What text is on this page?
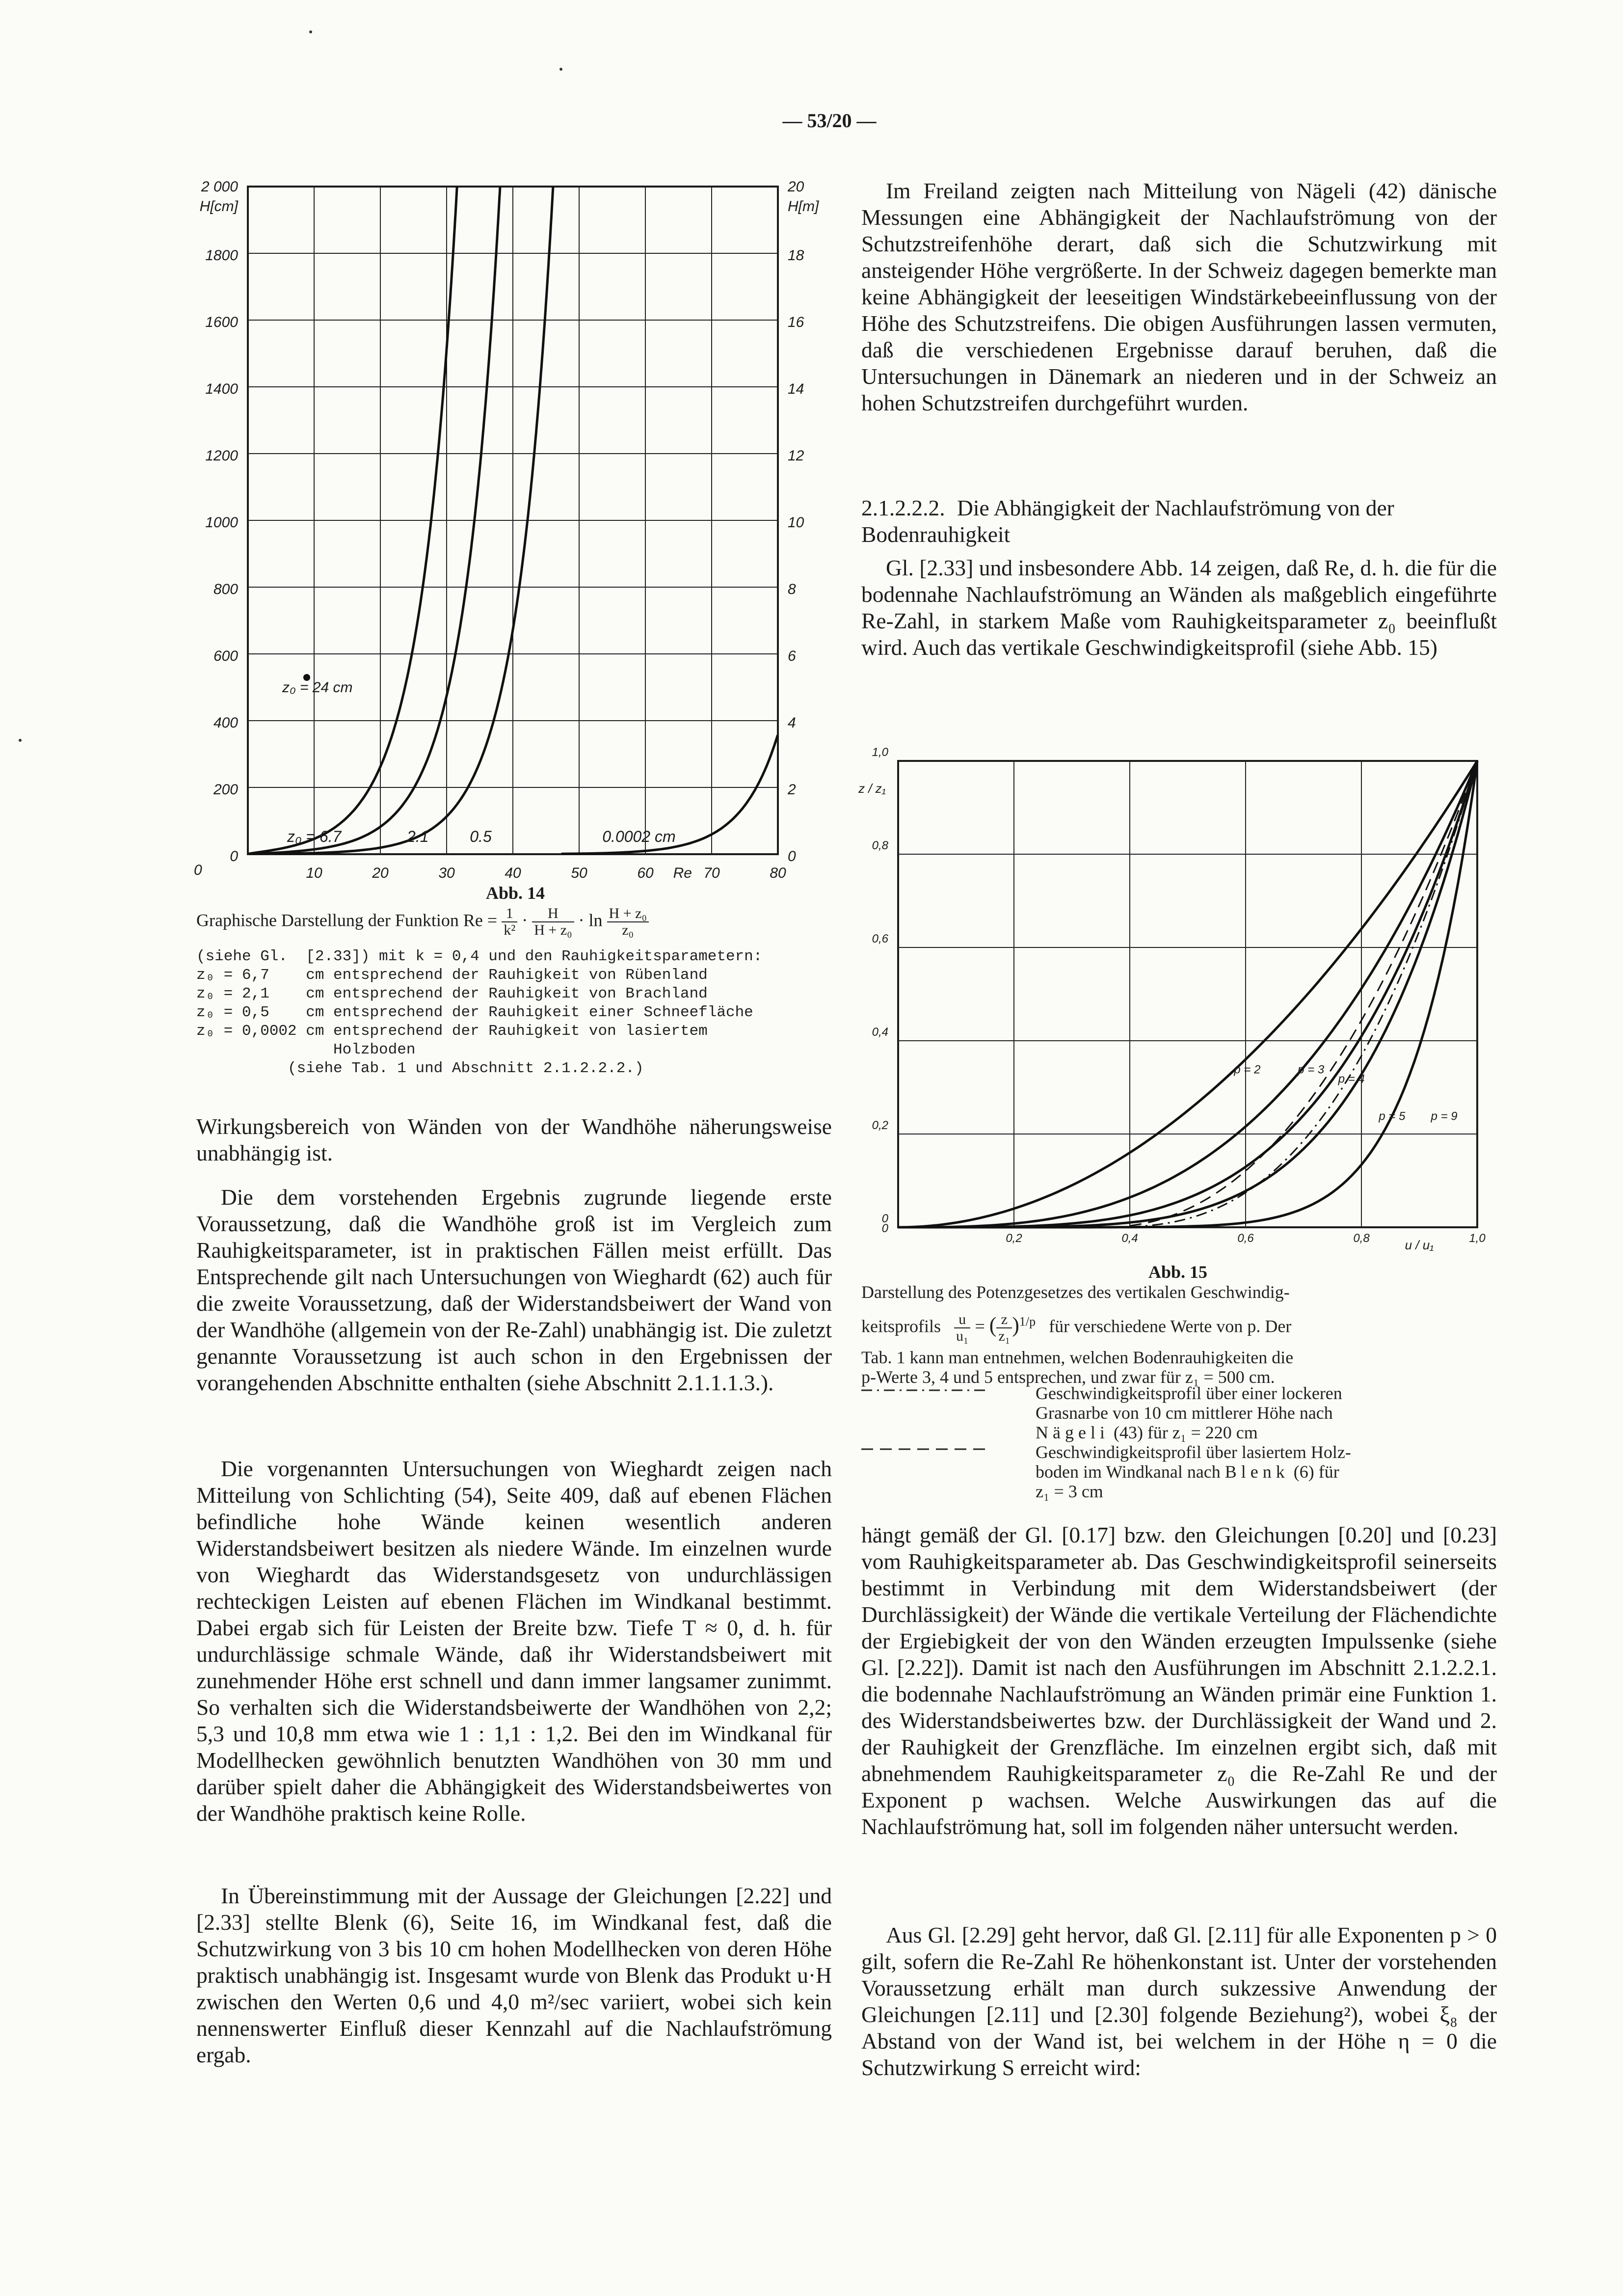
— 53/20 —
2 000
1800
1600
1400
1200
1000
800
600
400
200
0
H[cm]
20
18
16
14
12
10
8
6
4
2
0
H[m]
10	20	30	40	50	60	70	80
Re
0
z₀ = 6.7	2.1	0.5	0.0002 cm
z₀ = 24 cm
Abb. 14
Graphische Darstellung der Funktion $Re = \frac{1}{\text{k²}} \cdot \frac{H}{\text{H + z₀}} \cdot \ln \frac{\text{H + z₀}}{\text{z₀}}$
(siehe Gl.  [2.33]) mit k = 0,4 und den Rauhigkeitsparametern:
z₀ = 6,7    cm entsprechend der Rauhigkeit von Rübenland
z₀ = 2,1    cm entsprechend der Rauhigkeit von Brachland
z₀ = 0,5    cm entsprechend der Rauhigkeit einer Schneefläche
z₀ = 0,0002 cm entsprechend der Rauhigkeit von lasiertem
Holzboden
(siehe Tab. 1 und Abschnitt 2.1.2.2.2.)

Wirkungsbereich von Wänden von der Wandhöhe näherungsweise unabhängig ist.

Die dem vorstehenden Ergebnis zugrunde liegende erste Voraussetzung, daß die Wandhöhe groß ist im Vergleich zum Rauhigkeitsparameter, ist in praktischen Fällen meist erfüllt. Das Entsprechende gilt nach Untersuchungen von Wieghardt (62) auch für die zweite Voraussetzung, daß der Widerstandsbeiwert der Wand von der Wandhöhe (allgemein von der Re-Zahl) unabhängig ist. Die zuletzt genannte Voraussetzung ist auch schon in den Ergebnissen der vorangehenden Abschnitte enthalten (siehe Abschnitt 2.1.1.1.3.).

Die vorgenannten Untersuchungen von Wieghardt zeigen nach Mitteilung von Schlichting (54), Seite 409, daß auf ebenen Flächen befindliche hohe Wände keinen wesentlich anderen Widerstandsbeiwert besitzen als niedere Wände. Im einzelnen wurde von Wieghardt das Widerstandsgesetz von undurchlässigen rechteckigen Leisten auf ebenen Flächen im Windkanal bestimmt. Dabei ergab sich für Leisten der Breite bzw. Tiefe T ≈ 0, d. h. für undurchlässige schmale Wände, daß ihr Widerstandsbeiwert mit zunehmender Höhe erst schnell und dann immer langsamer zunimmt. So verhalten sich die Widerstandsbeiwerte der Wandhöhen von 2,2; 5,3 und 10,8 mm etwa wie 1 : 1,1 : 1,2. Bei den im Windkanal für Modellhecken gewöhnlich benutzten Wandhöhen von 30 mm und darüber spielt daher die Abhängigkeit des Widerstandsbeiwertes von der Wandhöhe praktisch keine Rolle.

In Übereinstimmung mit der Aussage der Gleichungen [2.22] und [2.33] stellte Blenk (6), Seite 16, im Windkanal fest, daß die Schutzwirkung von 3 bis 10 cm hohen Modellhecken von deren Höhe praktisch unabhängig ist. Insgesamt wurde von Blenk das Produkt u·H zwischen den Werten 0,6 und 4,0 m²/sec variiert, wobei sich kein nennenswerter Einfluß dieser Kennzahl auf die Nachlaufströmung ergab.

Im Freiland zeigten nach Mitteilung von Nägeli (42) dänische Messungen eine Abhängigkeit der Nachlaufströmung von der Schutzstreifenhöhe derart, daß sich die Schutzwirkung mit ansteigender Höhe vergrößerte. In der Schweiz dagegen bemerkte man keine Abhängigkeit der leeseitigen Windstärkebeeinflussung von der Höhe des Schutzstreifens. Die obigen Ausführungen lassen vermuten, daß die verschiedenen Ergebnisse darauf beruhen, daß die Untersuchungen in Dänemark an niederen und in der Schweiz an hohen Schutzstreifen durchgeführt wurden.

2.1.2.2.2. Die Abhängigkeit der Nachlaufströmung von der Bodenrauhigkeit

Gl. [2.33] und insbesondere Abb. 14 zeigen, daß Re, d. h. die für die bodennahe Nachlaufströmung an Wänden als maßgeblich eingeführte Re-Zahl, in starkem Maße vom Rauhigkeitsparameter z₀ beeinflußt wird. Auch das vertikale Geschwindigkeitsprofil (siehe Abb. 15)

1,0
0,8
0,6
0,4
0,2
0
z / z₁
0,2	0,4	0,6	0,8	1,0
u / u₁
0
p = 2	p = 3
p = 4
p = 5 p = 9
Abb. 15
Darstellung des Potenzgesetzes des vertikalen Geschwindig-
keitsprofils $\frac{u}{\text{u₁}}$ = ( $\frac{z}{\text{z₁}} )^{1/p}$   für verschiedene Werte von p. Der
Tab. 1 kann man entnehmen, welchen Bodenrauhigkeiten die
p-Werte 3, 4 und 5 entsprechen, und zwar für z₁ = 500 cm.
Geschwindigkeitsprofil über einer lockeren
Grasnarbe von 10 cm mittlerer Höhe nach
Nägeli (43) für z₁ = 220 cm
Geschwindigkeitsprofil über lasiertem Holz-
boden im Windkanal nach Blenk (6) für
z₁ = 3 cm

hängt gemäß der Gl. [0.17] bzw. den Gleichungen [0.20] und [0.23] vom Rauhigkeitsparameter ab. Das Geschwindigkeitsprofil seinerseits bestimmt in Verbindung mit dem Widerstandsbeiwert (der Durchlässigkeit) der Wände die vertikale Verteilung der Flächendichte der Ergiebigkeit der von den Wänden erzeugten Impulssenke (siehe Gl. [2.22]). Damit ist nach den Ausführungen im Abschnitt 2.1.2.2.1. die bodennahe Nachlaufströmung an Wänden primär eine Funktion 1. des Widerstandsbeiwertes bzw. der Durchlässigkeit der Wand und 2. der Rauhigkeit der Grenzfläche. Im einzelnen ergibt sich, daß mit abnehmendem Rauhigkeitsparameter z₀ die Re-Zahl Re und der Exponent p wachsen. Welche Auswirkungen das auf die Nachlaufströmung hat, soll im folgenden näher untersucht werden.

Aus Gl. [2.29] geht hervor, daß Gl. [2.11] für alle Exponenten p > 0 gilt, sofern die Re-Zahl Re höhenkonstant ist. Unter der vorstehenden Voraussetzung erhält man durch sukzessive Anwendung der Gleichungen [2.11] und [2.30] folgende Beziehung²), wobei ξ₈ der Abstand von der Wand ist, bei welchem in der Höhe η = 0 die Schutzwirkung S erreicht wird:
